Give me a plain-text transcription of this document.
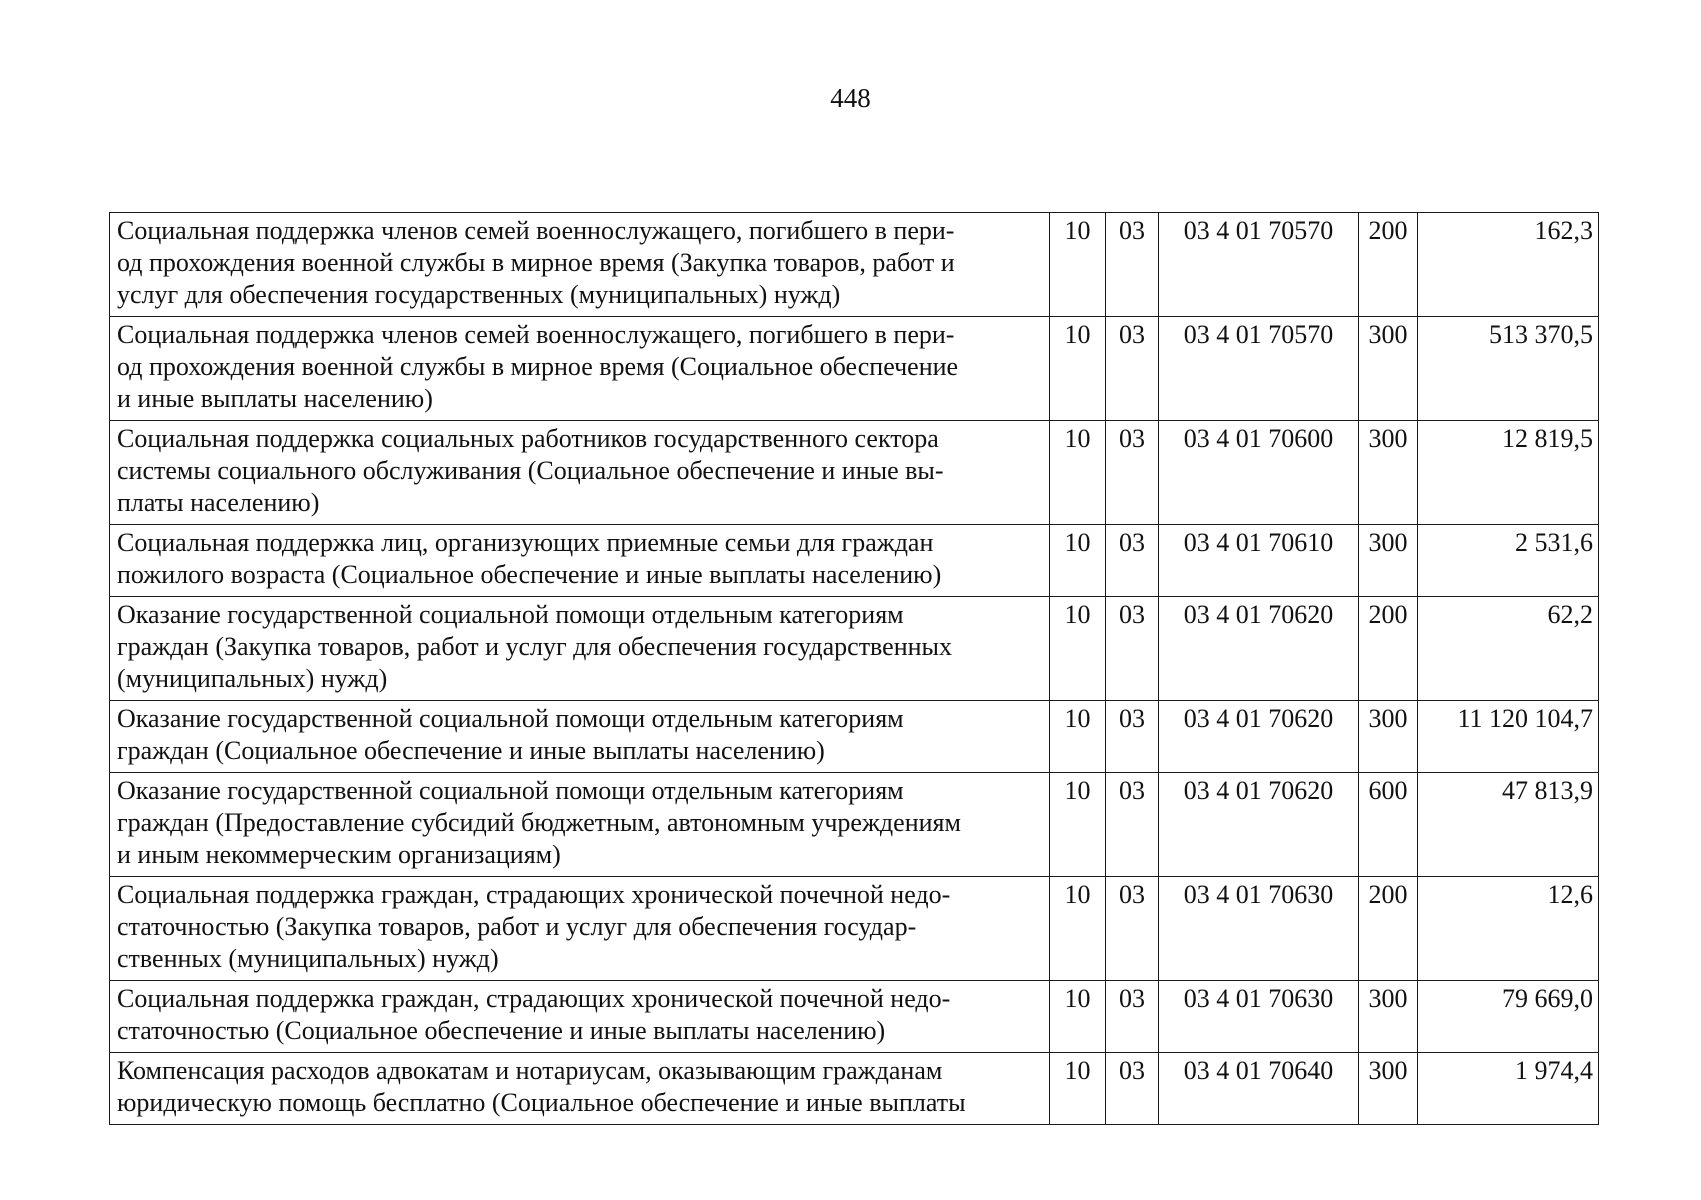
448
Социальная поддержка членов семей военнослужащего, погибшего в пери-
од прохождения военной службы в мирное время (Закупка товаров, работ и
услуг для обеспечения государственных (муниципальных) нужд)	10	03	03 4 01 70570	200	162,3
Социальная поддержка членов семей военнослужащего, погибшего в пери-
од прохождения военной службы в мирное время (Социальное обеспечение
и иные выплаты населению)	10	03	03 4 01 70570	300	513 370,5
Социальная поддержка социальных работников государственного сектора
системы социального обслуживания (Социальное обеспечение и иные вы-
платы населению)	10	03	03 4 01 70600	300	12 819,5
Социальная поддержка лиц, организующих приемные семьи для граждан
пожилого возраста (Социальное обеспечение и иные выплаты населению)	10	03	03 4 01 70610	300	2 531,6
Оказание государственной социальной помощи отдельным категориям
граждан (Закупка товаров, работ и услуг для обеспечения государственных
(муниципальных) нужд)	10	03	03 4 01 70620	200	62,2
Оказание государственной социальной помощи отдельным категориям
граждан (Социальное обеспечение и иные выплаты населению)	10	03	03 4 01 70620	300	11 120 104,7
Оказание государственной социальной помощи отдельным категориям
граждан (Предоставление субсидий бюджетным, автономным учреждениям
и иным некоммерческим организациям)	10	03	03 4 01 70620	600	47 813,9
Социальная поддержка граждан, страдающих хронической почечной недо-
статочностью (Закупка товаров, работ и услуг для обеспечения государ-
ственных (муниципальных) нужд)	10	03	03 4 01 70630	200	12,6
Социальная поддержка граждан, страдающих хронической почечной недо-
статочностью (Социальное обеспечение и иные выплаты населению)	10	03	03 4 01 70630	300	79 669,0
Компенсация расходов адвокатам и нотариусам, оказывающим гражданам
юридическую помощь бесплатно (Социальное обеспечение и иные выплаты	10	03	03 4 01 70640	300	1 974,4
